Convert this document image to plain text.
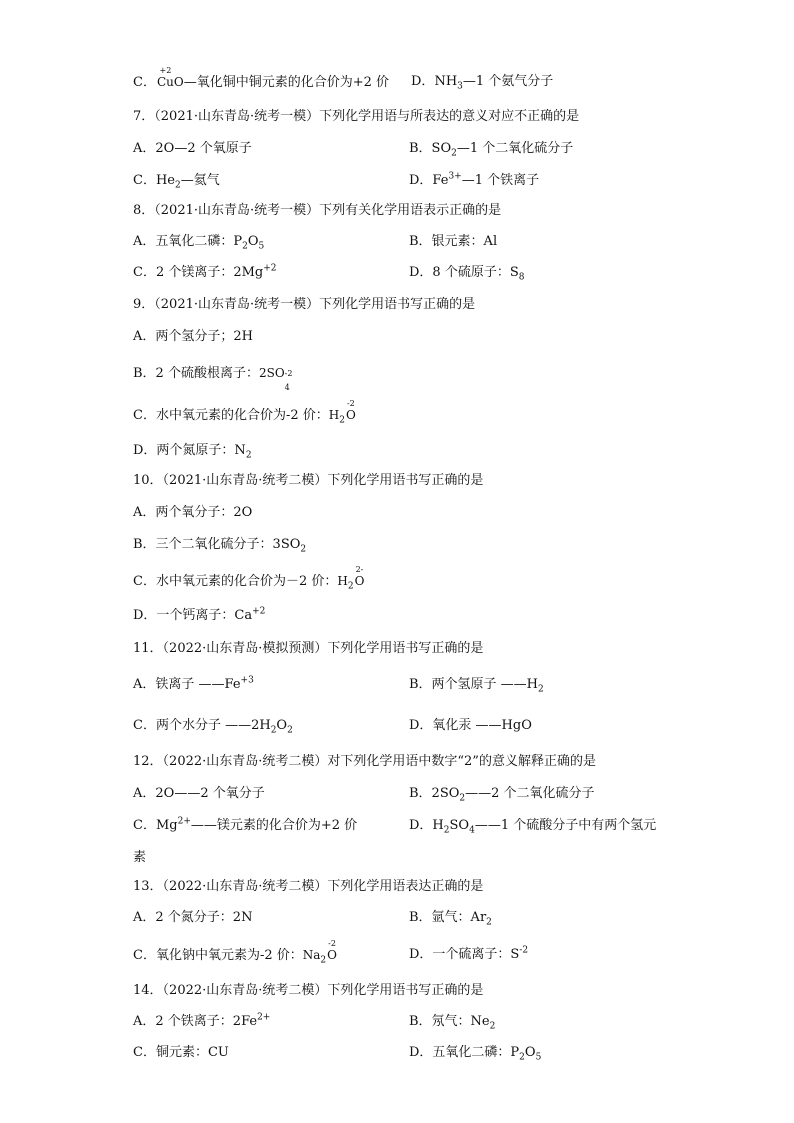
C．
+2
CuO—氧化铜中铜元素的化合价为+2 价 D．$NH_3—1$ 个氨气分子
7．（2021·山东青岛·统考一模）下列化学用语与所表达的意义对应不正确的是
A．2O—2 个氧原子	B．$SO_2—1$ 个二氧化硫分子
C．$He_2—$氦气	D．$Fe^{3+}—1$ 个铁离子
8．（2021·山东青岛·统考一模）下列有关化学用语表示正确的是
A．五氧化二磷：$P_2O_5$	B．银元素：Al
C．2 个镁离子：$2Mg^{+2}$	D．8 个硫原子：$S_8$
9．（2021·山东青岛·统考一模）下列化学用语书写正确的是
A．两个氢分子；2H
B．2 个硫酸根离子：2SO -2
4
C．水中氧元素的化合价为-2 价：$H_2$
-2
O
D．两个氮原子：$N_2$
10．（2021·山东青岛·统考二模）下列化学用语书写正确的是
A．两个氧分子：2O
B．三个二氧化硫分子：$3SO_2$
C．水中氧元素的化合价为－2 价：$H_2$
2-
O
D．一个钙离子：$Ca^{+2}$
11．（2022·山东青岛·模拟预测）下列化学用语书写正确的是
A．铁离子 $——Fe^{+3}$	B．两个氢原子 $——H_2$
C．两个水分子 $——2H_2O_2$	D．氧化汞 ——HgO
12．（2022·山东青岛·统考二模）对下列化学用语中数字“2”的意义解释正确的是
A．2O——2 个氧分子	B．$2SO_2——2$ 个二氧化硫分子
C．$Mg^{2+}——$镁元素的化合价为+2 价	D．$H_2SO_4——1$ 个硫酸分子中有两个氢元
素
13．（2022·山东青岛·统考二模）下列化学用语表达正确的是
A．2 个氮分子：2N	B．氩气：$Ar_2$
C．氧化钠中氧元素为-2 价：$Na_2$
-2
O	D．一个硫离子：$S^{-2}$
14．（2022·山东青岛·统考二模）下列化学用语书写正确的是
A．2 个铁离子：$2Fe^{2+}$	B．氖气：$Ne_2$
C．铜元素：CU	D．五氧化二磷：$P_2O_5$
